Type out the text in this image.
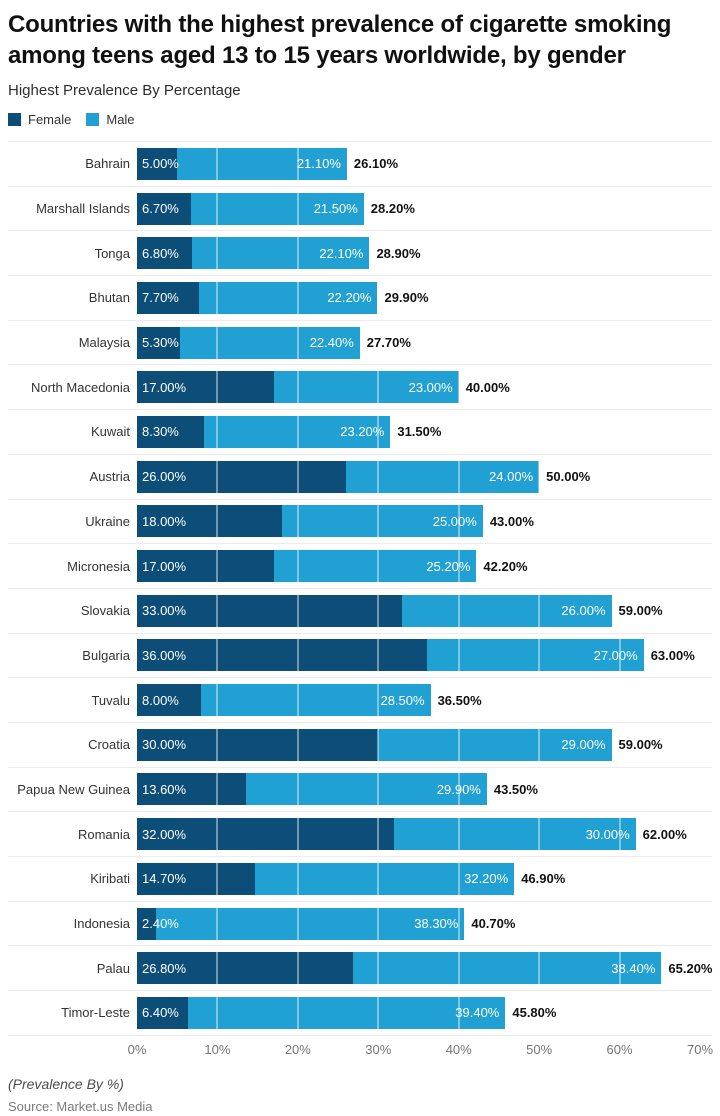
Countries with the highest prevalence of cigarette smoking among teens aged 13 to 15 years worldwide, by gender
Highest Prevalence By Percentage
Female	Male
Bahrain 5.00%	21.10% 26.10%
Marshall Islands 6.70%	21.50% 28.20%
Tonga 6.80%	22.10% 28.90%
Bhutan 7.70%	22.20% 29.90%
Malaysia 5.30%	22.40% 27.70%
North Macedonia 17.00%	23.00% 40.00%
Kuwait 8.30%	23.20% 31.50%
Austria 26.00%	24.00% 50.00%
Ukraine 18.00%	25.00% 43.00%
Micronesia 17.00%	25.20% 42.20%
Slovakia 33.00%	26.00% 59.00%
Bulgaria 36.00%	27.00% 63.00%
Tuvalu 8.00%	28.50% 36.50%
Croatia 30.00%	29.00% 59.00%
Papua New Guinea 13.60%	29.90% 43.50%
Romania 32.00%	30.00% 62.00%
Kiribati 14.70%	32.20% 46.90%
Indonesia 2.40%	38.30% 40.70%
Palau 26.80%	38.40% 65.20%
Timor-Leste 6.40%	39.40% 45.80%
0%	10%	20%	30%	40%	50%	60%	70%
(Prevalence By %)
Source: Market.us Media
